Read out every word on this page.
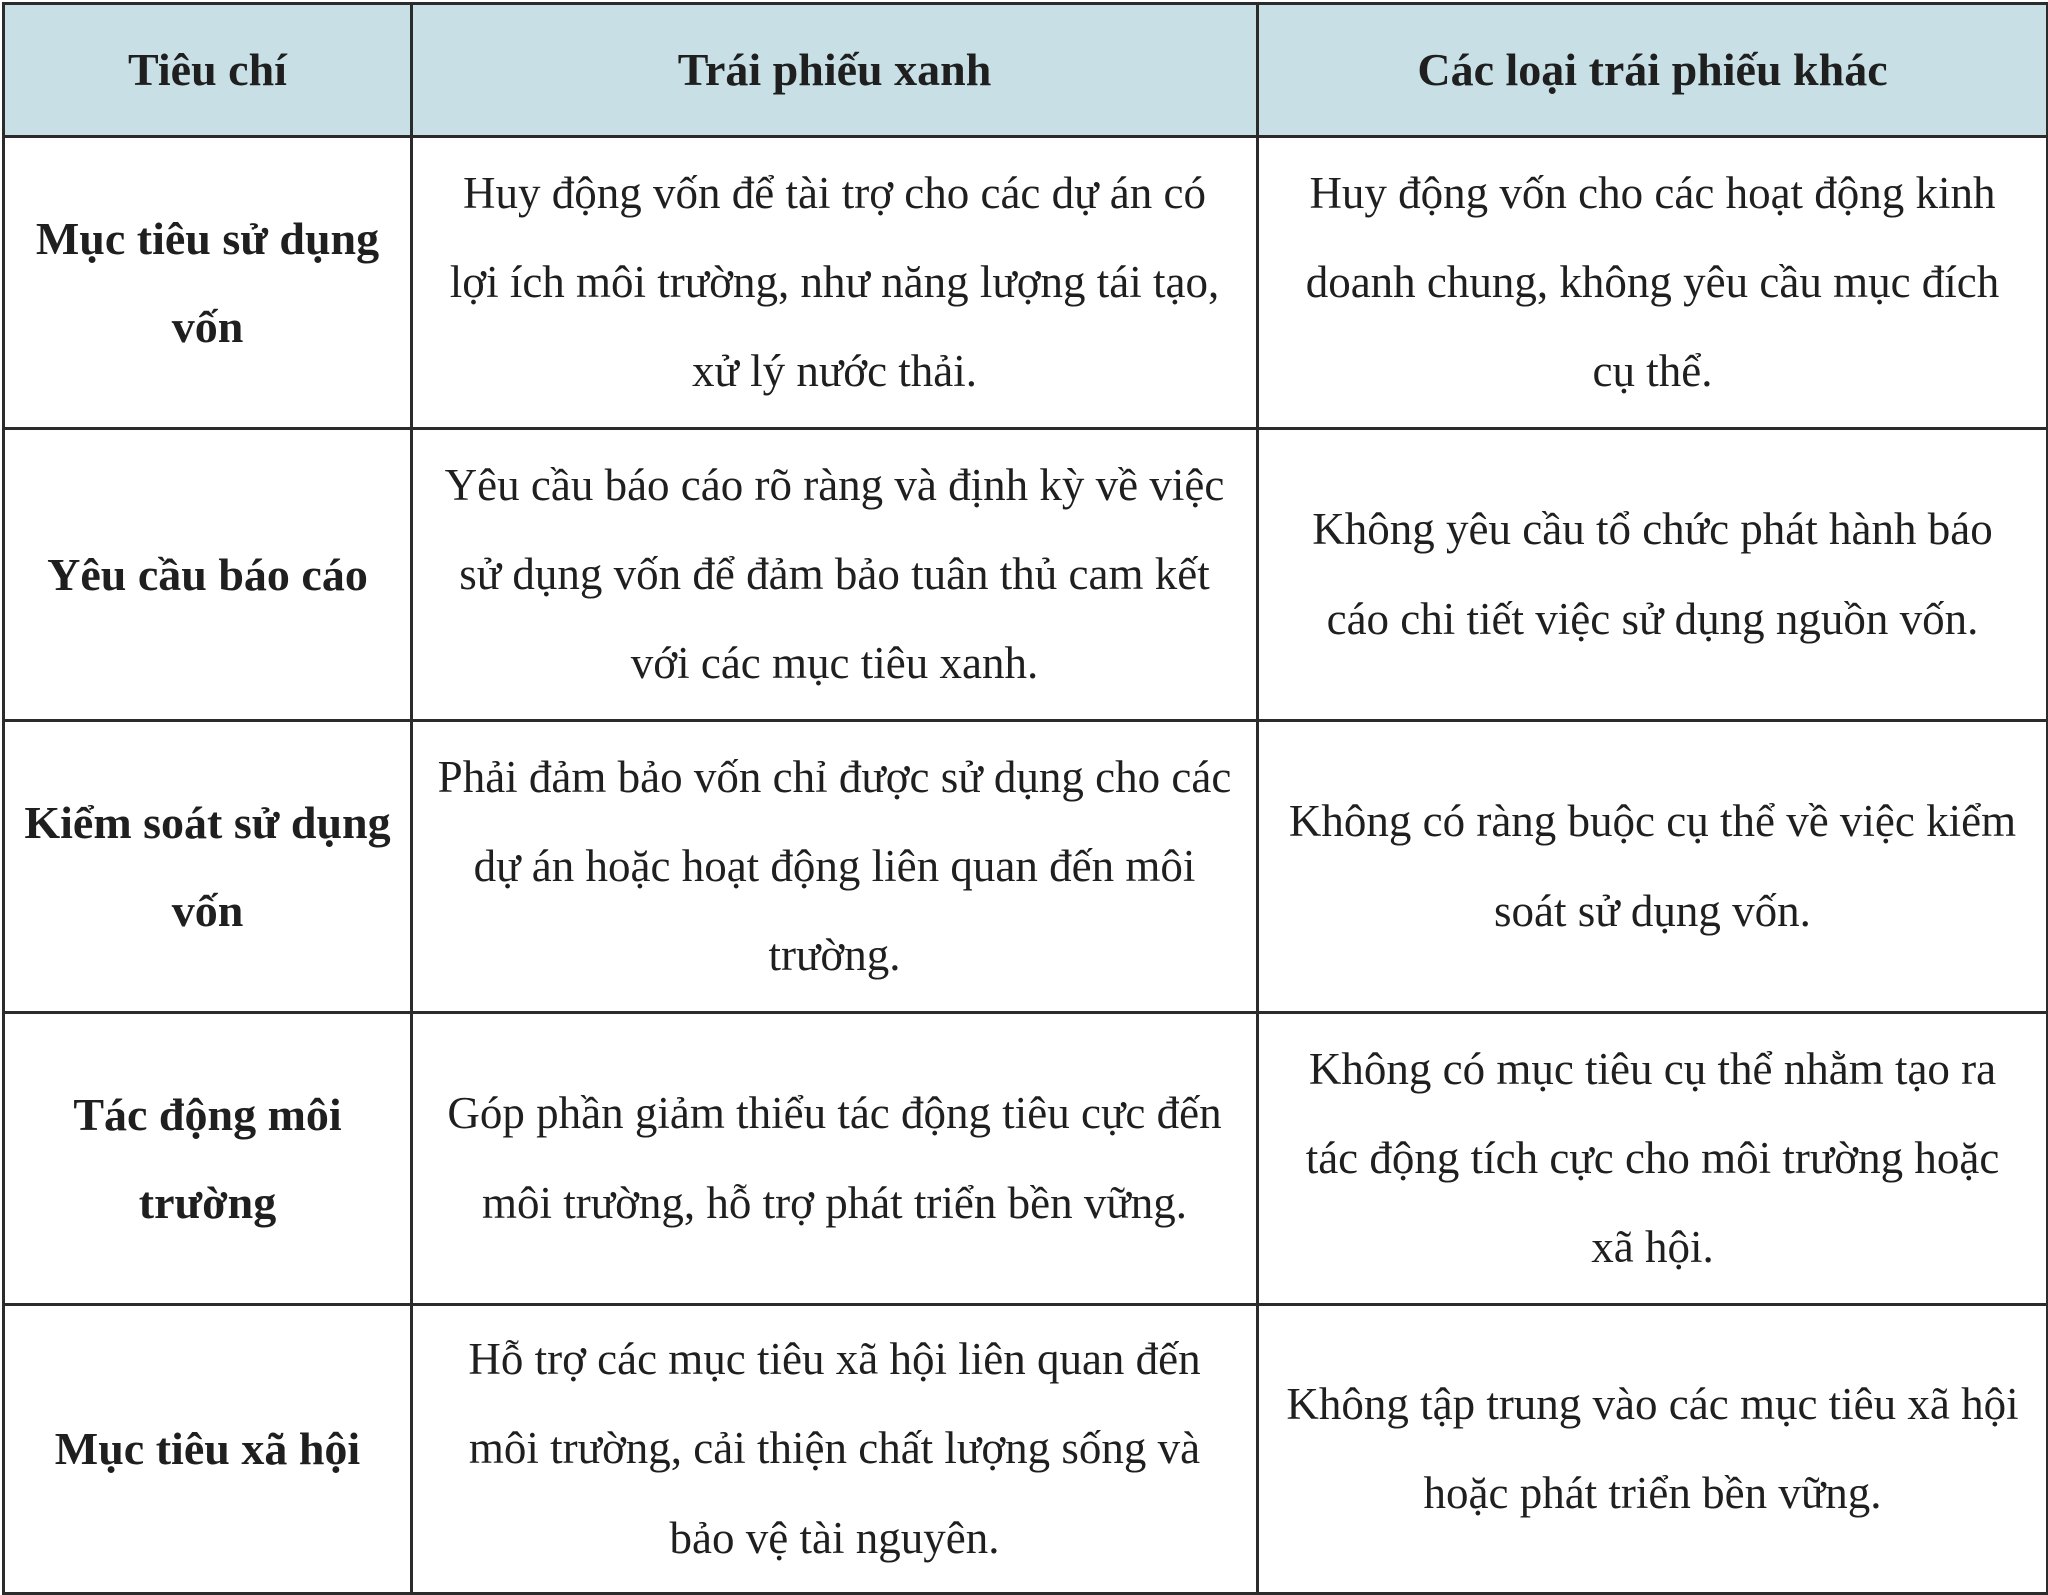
Tiêu chí	Trái phiếu xanh	Các loại trái phiếu khác
Mục tiêu sử dụng vốn	Huy động vốn để tài trợ cho các dự án có lợi ích môi trường, như năng lượng tái tạo, xử lý nước thải.	Huy động vốn cho các hoạt động kinh doanh chung, không yêu cầu mục đích cụ thể.
Yêu cầu báo cáo	Yêu cầu báo cáo rõ ràng và định kỳ về việc sử dụng vốn để đảm bảo tuân thủ cam kết với các mục tiêu xanh.	Không yêu cầu tổ chức phát hành báo cáo chi tiết việc sử dụng nguồn vốn.
Kiểm soát sử dụng vốn	Phải đảm bảo vốn chỉ được sử dụng cho các dự án hoặc hoạt động liên quan đến môi trường.	Không có ràng buộc cụ thể về việc kiểm soát sử dụng vốn.
Tác động môi trường	Góp phần giảm thiểu tác động tiêu cực đến môi trường, hỗ trợ phát triển bền vững.	Không có mục tiêu cụ thể nhằm tạo ra tác động tích cực cho môi trường hoặc xã hội.
Mục tiêu xã hội	Hỗ trợ các mục tiêu xã hội liên quan đến môi trường, cải thiện chất lượng sống và bảo vệ tài nguyên.	Không tập trung vào các mục tiêu xã hội hoặc phát triển bền vững.
